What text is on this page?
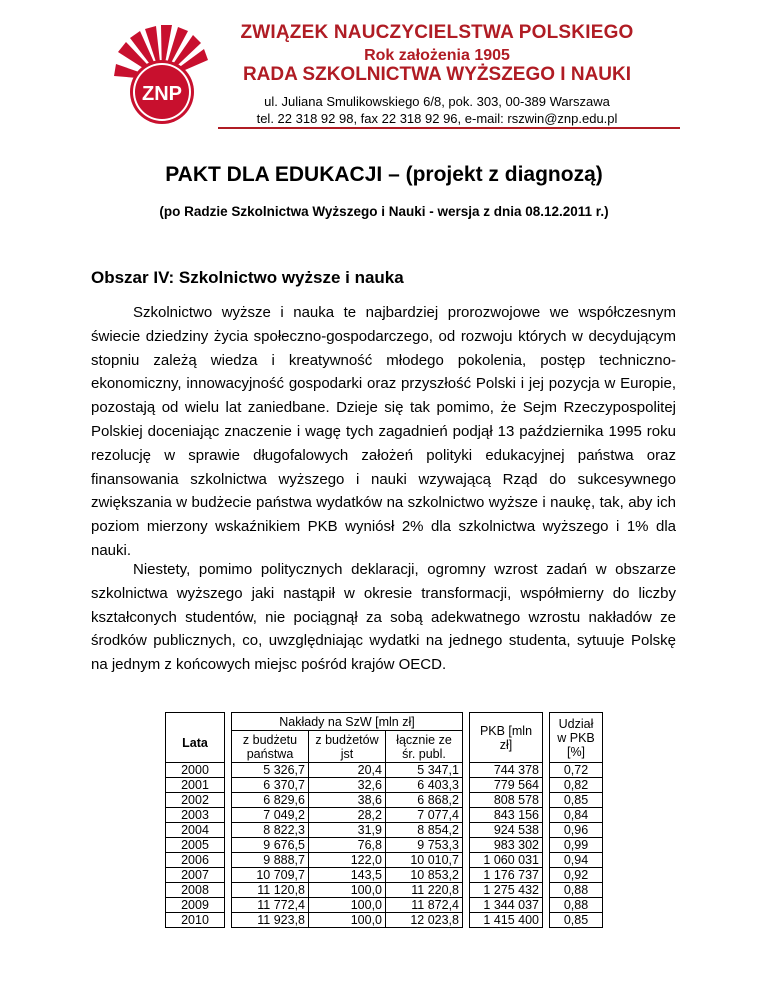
ZNP
ZWIĄZEK NAUCZYCIELSTWA POLSKIEGO
Rok założenia 1905
RADA SZKOLNICTWA WYŻSZEGO I NAUKI
ul. Juliana Smulikowskiego 6/8, pok. 303, 00-389 Warszawa
tel. 22 318 92 98, fax 22 318 92 96, e-mail: rszwin@znp.edu.pl
PAKT DLA EDUKACJI – (projekt z diagnozą)
(po Radzie Szkolnictwa Wyższego i Nauki - wersja z dnia 08.12.2011 r.)
Obszar IV: Szkolnictwo wyższe i nauka
Szkolnictwo wyższe i nauka te najbardziej prorozwojowe we współczesnym świecie dziedziny życia społeczno-gospodarczego, od rozwoju których w decydującym stopniu zależą wiedza i kreatywność młodego pokolenia, postęp techniczno-ekonomiczny, innowacyjność gospodarki oraz przyszłość Polski i jej pozycja w Europie, pozostają od wielu lat zaniedbane. Dzieje się tak pomimo, że Sejm Rzeczypospolitej Polskiej doceniając znaczenie i wagę tych zagadnień podjął 13 października 1995 roku rezolucję w sprawie długofalowych założeń polityki edukacyjnej państwa oraz finansowania szkolnictwa wyższego i nauki wzywającą Rząd do sukcesywnego zwiększania w budżecie państwa wydatków na szkolnictwo wyższe i naukę, tak, aby ich poziom mierzony wskaźnikiem PKB wyniósł 2% dla szkolnictwa wyższego i 1% dla nauki.
Niestety, pomimo politycznych deklaracji, ogromny wzrost zadań w obszarze szkolnictwa wyższego jaki nastąpił w okresie transformacji, współmierny do liczby kształconych studentów, nie pociągnął za sobą adekwatnego wzrostu nakładów ze środków publicznych, co, uwzględniając wydatki na jednego studenta, sytuuje Polskę na jednym z końcowych miejsc pośród krajów OECD.
Lata		Nakłady na SzW [mln zł]				PKB [mln zł]		Udział w PKB [%]
		z budżetu państwa	z budżetów jst	łącznie ze śr. publ.				
2000		5 326,7	20,4	5 347,1		744 378		0,72
2001		6 370,7	32,6	6 403,3		779 564		0,82
2002		6 829,6	38,6	6 868,2		808 578		0,85
2003		7 049,2	28,2	7 077,4		843 156		0,84
2004		8 822,3	31,9	8 854,2		924 538		0,96
2005		9 676,5	76,8	9 753,3		983 302		0,99
2006		9 888,7	122,0	10 010,7		1 060 031		0,94
2007		10 709,7	143,5	10 853,2		1 176 737		0,92
2008		11 120,8	100,0	11 220,8		1 275 432		0,88
2009		11 772,4	100,0	11 872,4		1 344 037		0,88
2010		11 923,8	100,0	12 023,8		1 415 400		0,85
